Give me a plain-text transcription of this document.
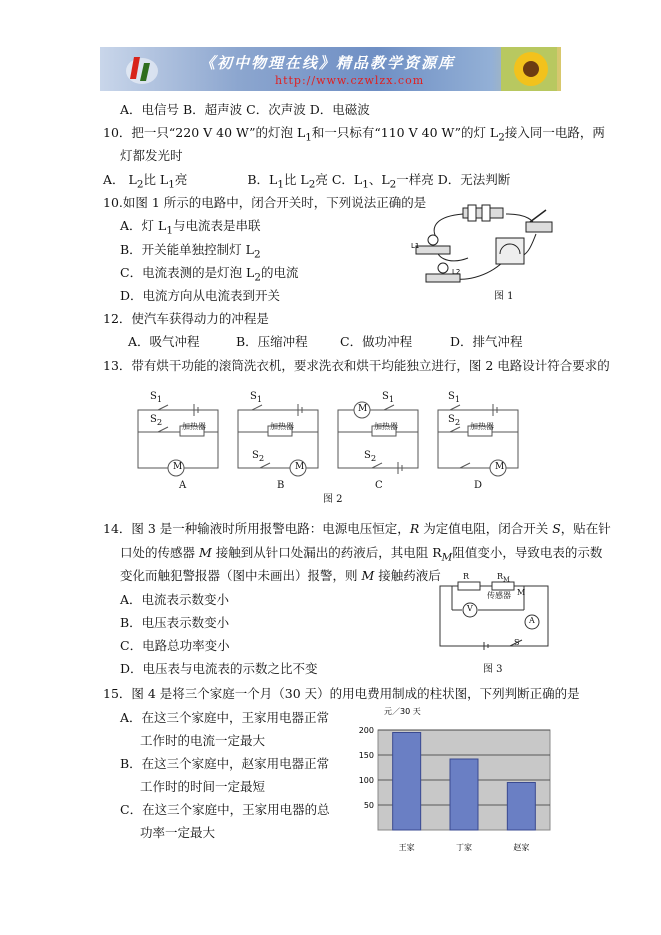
《初中物理在线》精品教学资源库
http://www.czwlzx.com
A．电信号 B．超声波 C．次声波 D．电磁波
10．把一只“220 V 40 W”的灯泡 $L_1$和一只标有“110 V 40 W”的灯 $L_2$接入同一电路，两
灯都发光时
A． $L_2$比 $L_1$亮	B．$L_1$比 $L_2$亮 C．$L_1$、$L_2$一样亮 D．无法判断
10.如图 1 所示的电路中，闭合开关时，下列说法正确的是
A．灯 $L_1$与电流表是串联
B．开关能单独控制灯 $L_2$
C．电流表测的是灯泡 $L_2$的电流
D．电流方向从电流表到开关
L1
L2
图 1
12．使汽车获得动力的冲程是
A．吸气冲程	B．压缩冲程	C．做功冲程	D．排气冲程
13．带有烘干功能的滚筒洗衣机，要求洗衣和烘干均能独立进行，图 2 电路设计符合要求的
$S_1$
$S_2$ 加热器
M
$S_1$
$S_2$
加热器
M
M
$S_1$
$S_2$
加热器
$S_1$
$S_2$ 加热器
M
A	B	C	D
图 2
14．图 3 是一种输液时所用报警电路：电源电压恒定，R 为定值电阻，闭合开关 S，贴在针
口处的传感器 M 接触到从针口处漏出的药液后，其电阻 $R_M$阻值变小，导致电表的示数
变化而触犯警报器（图中未画出）报警，则 M 接触药液后
A．电流表示数变小
B．电压表示数变小
C．电路总功率变小
D．电压表与电流表的示数之比不变
R	$R_M$
传感器 M
V
A
S
图 3
15．图 4 是将三个家庭一个月（30 天）的用电费用制成的柱状图，下列判断正确的是
A．在这三个家庭中，王家用电器正常
工作时的电流一定最大
B．在这三个家庭中，赵家用电器正常
工作时的时间一定最短
C．在这三个家庭中，王家用电器的总
功率一定最大
元／30 天
50
100
150
200
王家	丁家	赵家
